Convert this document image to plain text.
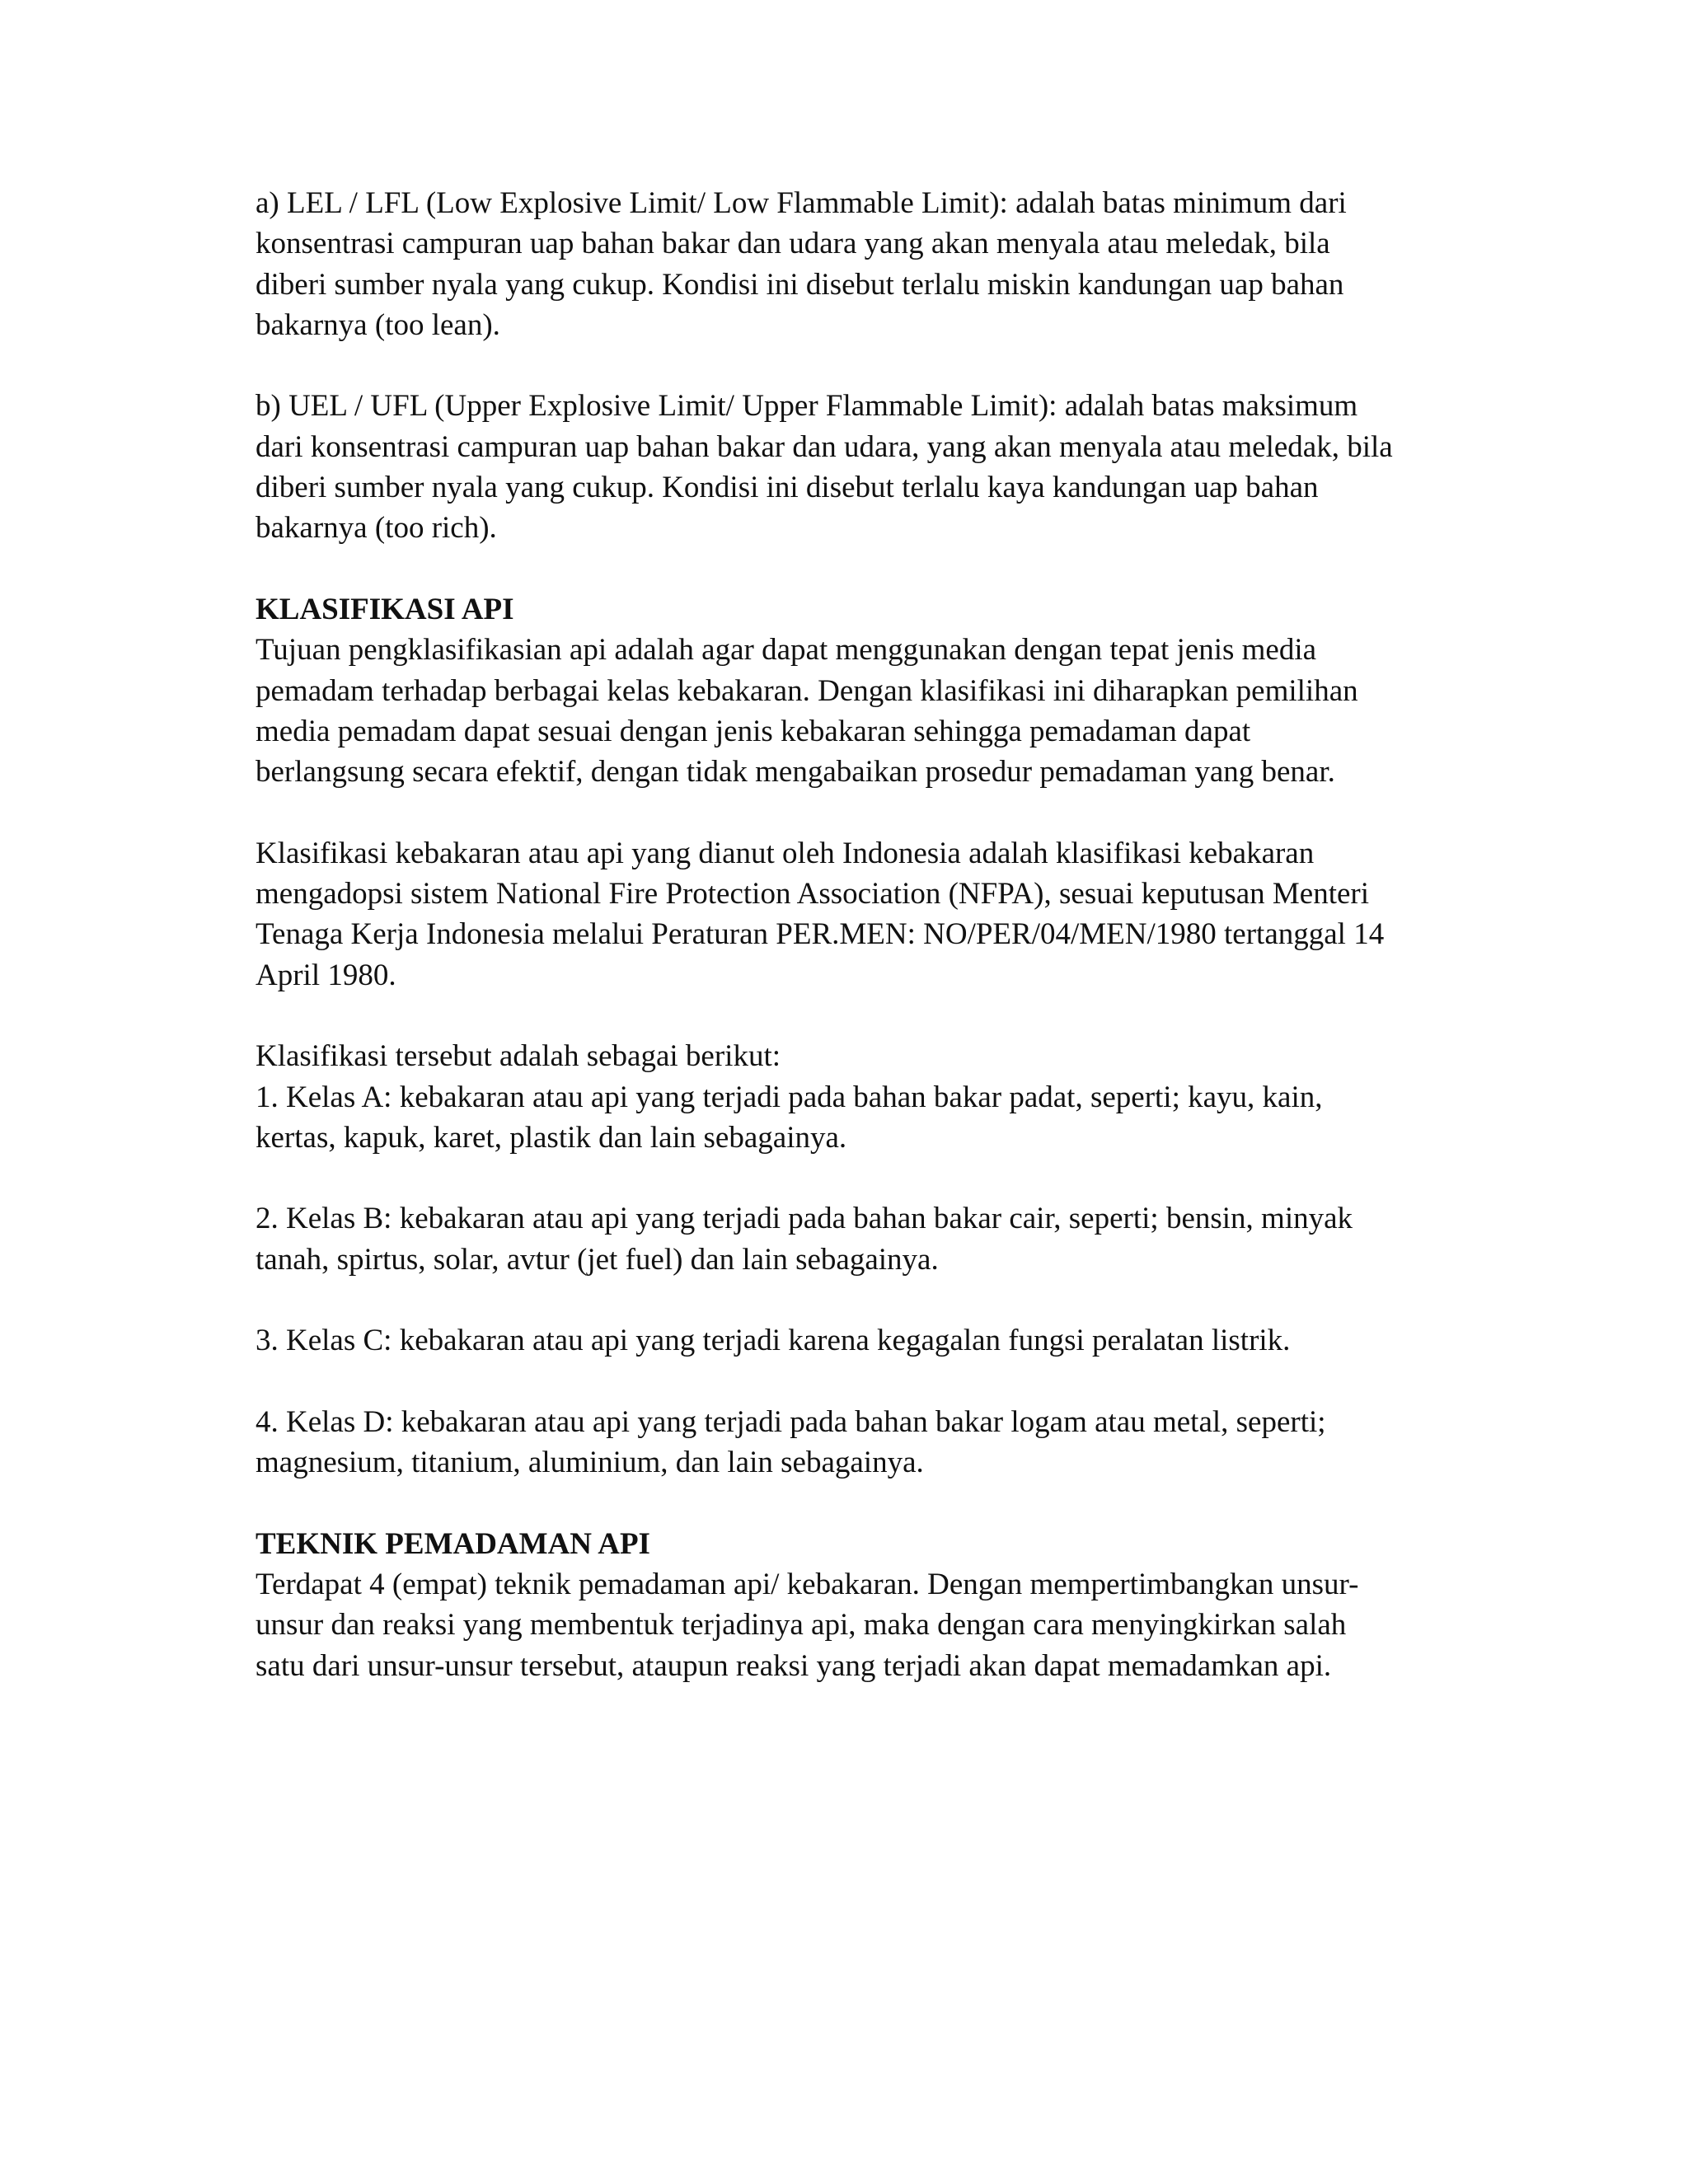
a) LEL / LFL (Low Explosive Limit/ Low Flammable Limit): adalah batas minimum dari
konsentrasi campuran uap bahan bakar dan udara yang akan menyala atau meledak, bila
diberi sumber nyala yang cukup. Kondisi ini disebut terlalu miskin kandungan uap bahan
bakarnya (too lean).
b) UEL / UFL (Upper Explosive Limit/ Upper Flammable Limit): adalah batas maksimum
dari konsentrasi campuran uap bahan bakar dan udara, yang akan menyala atau meledak, bila
diberi sumber nyala yang cukup. Kondisi ini disebut terlalu kaya kandungan uap bahan
bakarnya (too rich).
KLASIFIKASI API
Tujuan pengklasifikasian api adalah agar dapat menggunakan dengan tepat jenis media
pemadam terhadap berbagai kelas kebakaran. Dengan klasifikasi ini diharapkan pemilihan
media pemadam dapat sesuai dengan jenis kebakaran sehingga pemadaman dapat
berlangsung secara efektif, dengan tidak mengabaikan prosedur pemadaman yang benar.
Klasifikasi kebakaran atau api yang dianut oleh Indonesia adalah klasifikasi kebakaran
mengadopsi sistem National Fire Protection Association (NFPA), sesuai keputusan Menteri
Tenaga Kerja Indonesia melalui Peraturan PER.MEN: NO/PER/04/MEN/1980 tertanggal 14
April 1980.
Klasifikasi tersebut adalah sebagai berikut:
1. Kelas A: kebakaran atau api yang terjadi pada bahan bakar padat, seperti; kayu, kain,
kertas, kapuk, karet, plastik dan lain sebagainya.
2. Kelas B: kebakaran atau api yang terjadi pada bahan bakar cair, seperti; bensin, minyak
tanah, spirtus, solar, avtur (jet fuel) dan lain sebagainya.
3. Kelas C: kebakaran atau api yang terjadi karena kegagalan fungsi peralatan listrik.
4. Kelas D: kebakaran atau api yang terjadi pada bahan bakar logam atau metal, seperti;
magnesium, titanium, aluminium, dan lain sebagainya.
TEKNIK PEMADAMAN API
Terdapat 4 (empat) teknik pemadaman api/ kebakaran. Dengan mempertimbangkan unsur-
unsur dan reaksi yang membentuk terjadinya api, maka dengan cara menyingkirkan salah
satu dari unsur-unsur tersebut, ataupun reaksi yang terjadi akan dapat memadamkan api.
